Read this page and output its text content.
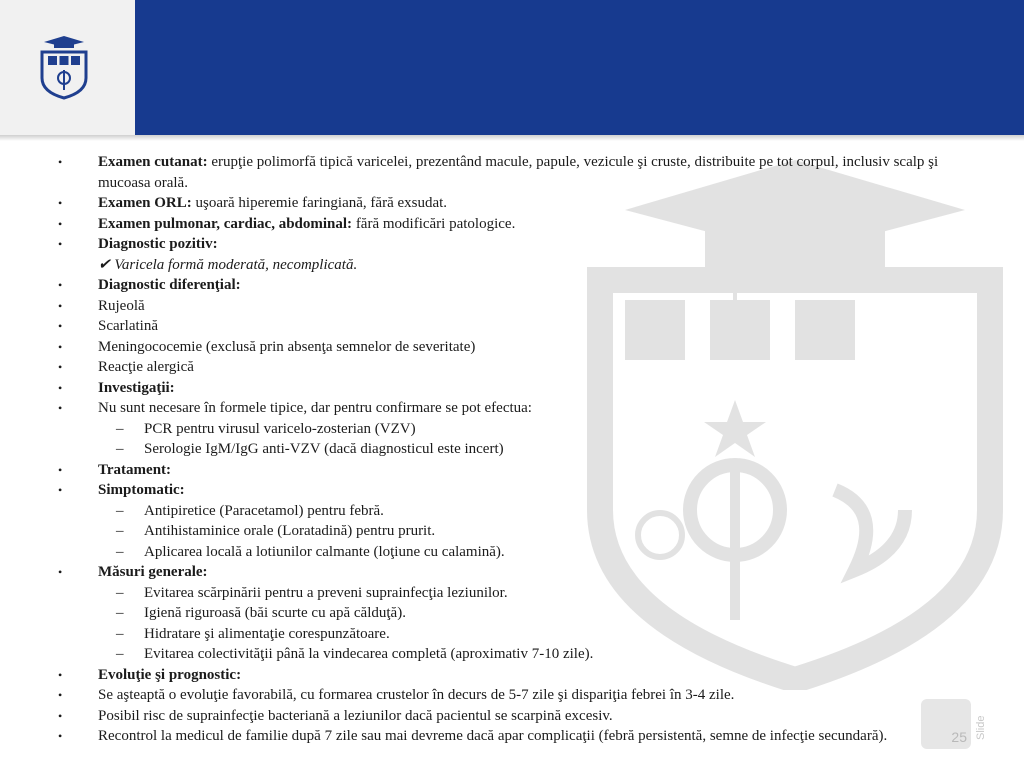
•	Examen cutanat: erupţie polimorfă tipică varicelei, prezentând macule, papule, vezicule şi cruste, distribuite pe tot corpul, inclusiv scalp şi mucoasa orală.
•	Examen ORL: uşoară hiperemie faringiană, fără exsudat.
•	Examen pulmonar, cardiac, abdominal: fără modificări patologice.
•	Diagnostic pozitiv:
✔ Varicela formă moderată, necomplicată.
•	Diagnostic diferenţial:
•	Rujeolă
•	Scarlatină
•	Meningococemie (exclusă prin absenţa semnelor de severitate)
•	Reacţie alergică
•	Investigaţii:
•	Nu sunt necesare în formele tipice, dar pentru confirmare se pot efectua:
–	PCR pentru virusul varicelo-zosterian (VZV)
–	Serologie IgM/IgG anti-VZV (dacă diagnosticul este incert)
•	Tratament:
•	Simptomatic:
–	Antipiretice (Paracetamol) pentru febră.
–	Antihistaminice orale (Loratadină) pentru prurit.
–	Aplicarea locală a lotiunilor calmante (loţiune cu calamină).
•	Măsuri generale:
–	Evitarea scărpinării pentru a preveni suprainfecţia leziunilor.
–	Igienă riguroasă (băi scurte cu apă călduţă).
–	Hidratare şi alimentaţie corespunzătoare.
–	Evitarea colectivităţii până la vindecarea completă (aproximativ 7-10 zile).
•	Evoluţie şi prognostic:
•	Se aşteaptă o evoluţie favorabilă, cu formarea crustelor în decurs de 5-7 zile şi dispariţia febrei în 3-4 zile.
•	Posibil risc de suprainfecţie bacteriană a leziunilor dacă pacientul se scarpină excesiv.
•	Recontrol la medicul de familie după 7 zile sau mai devreme dacă apar complicaţii (febră persistentă, semne de infecţie secundară).	25 Slide
